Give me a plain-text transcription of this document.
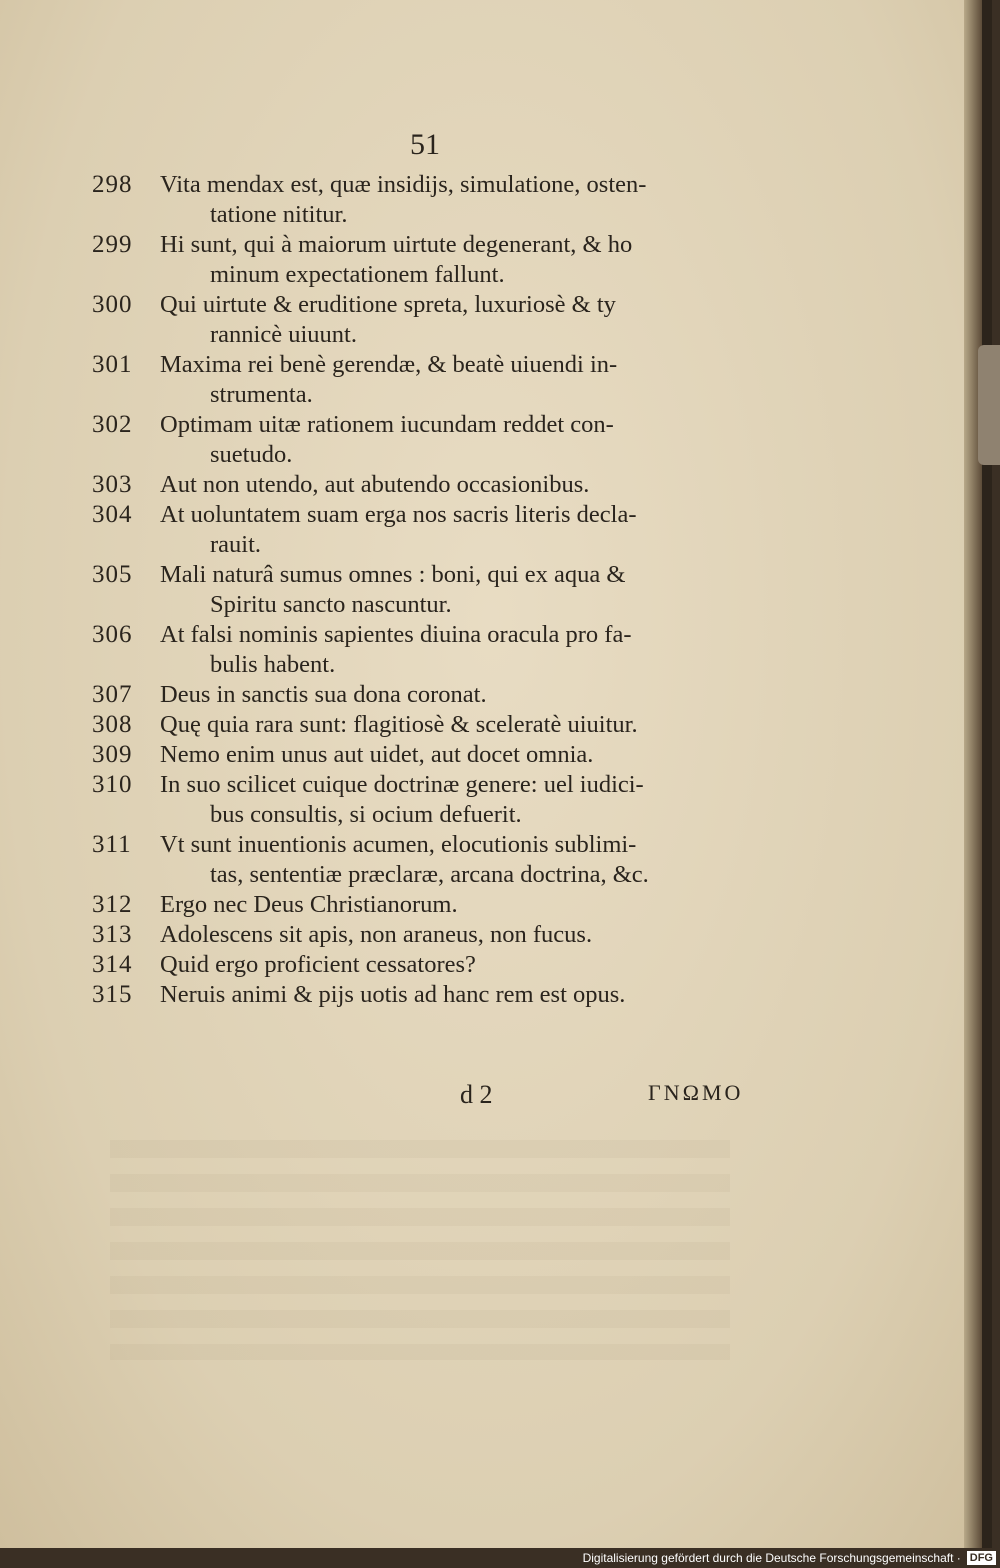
51
298	Vita mendax est, quæ insidijs, simulatione, osten-
tatione nititur.
299	Hi sunt, qui à maiorum uirtute degenerant, & ho
minum expectationem fallunt.
300	Qui uirtute & eruditione spreta, luxuriosè & ty
rannicè uiuunt.
301	Maxima rei benè gerendæ, & beatè uiuendi in-
strumenta.
302	Optimam uitæ rationem iucundam reddet con-
suetudo.
303	Aut non utendo, aut abutendo occasionibus.
304	At uoluntatem suam erga nos sacris literis decla-
rauit.
305	Mali naturâ sumus omnes : boni, qui ex aqua &
Spiritu sancto nascuntur.
306	At falsi nominis sapientes diuina oracula pro fa-
bulis habent.
307	Deus in sanctis sua dona coronat.
308	Quę quia rara sunt: flagitiosè & sceleratè uiuitur.
309	Nemo enim unus aut uidet, aut docet omnia.
310	In suo scilicet cuique doctrinæ genere: uel iudici-
bus consultis, si ocium defuerit.
311	Vt sunt inuentionis acumen, elocutionis sublimi-
tas, sententiæ præclaræ, arcana doctrina, &c.
312	Ergo nec Deus Christianorum.
313	Adolescens sit apis, non araneus, non fucus.
314	Quid ergo proficient cessatores?
315	Neruis animi & pijs uotis ad hanc rem est opus.
d 2	ΓΝΩΜΟ
Digitalisierung gefördert durch die Deutsche Forschungsgemeinschaft · DFG
